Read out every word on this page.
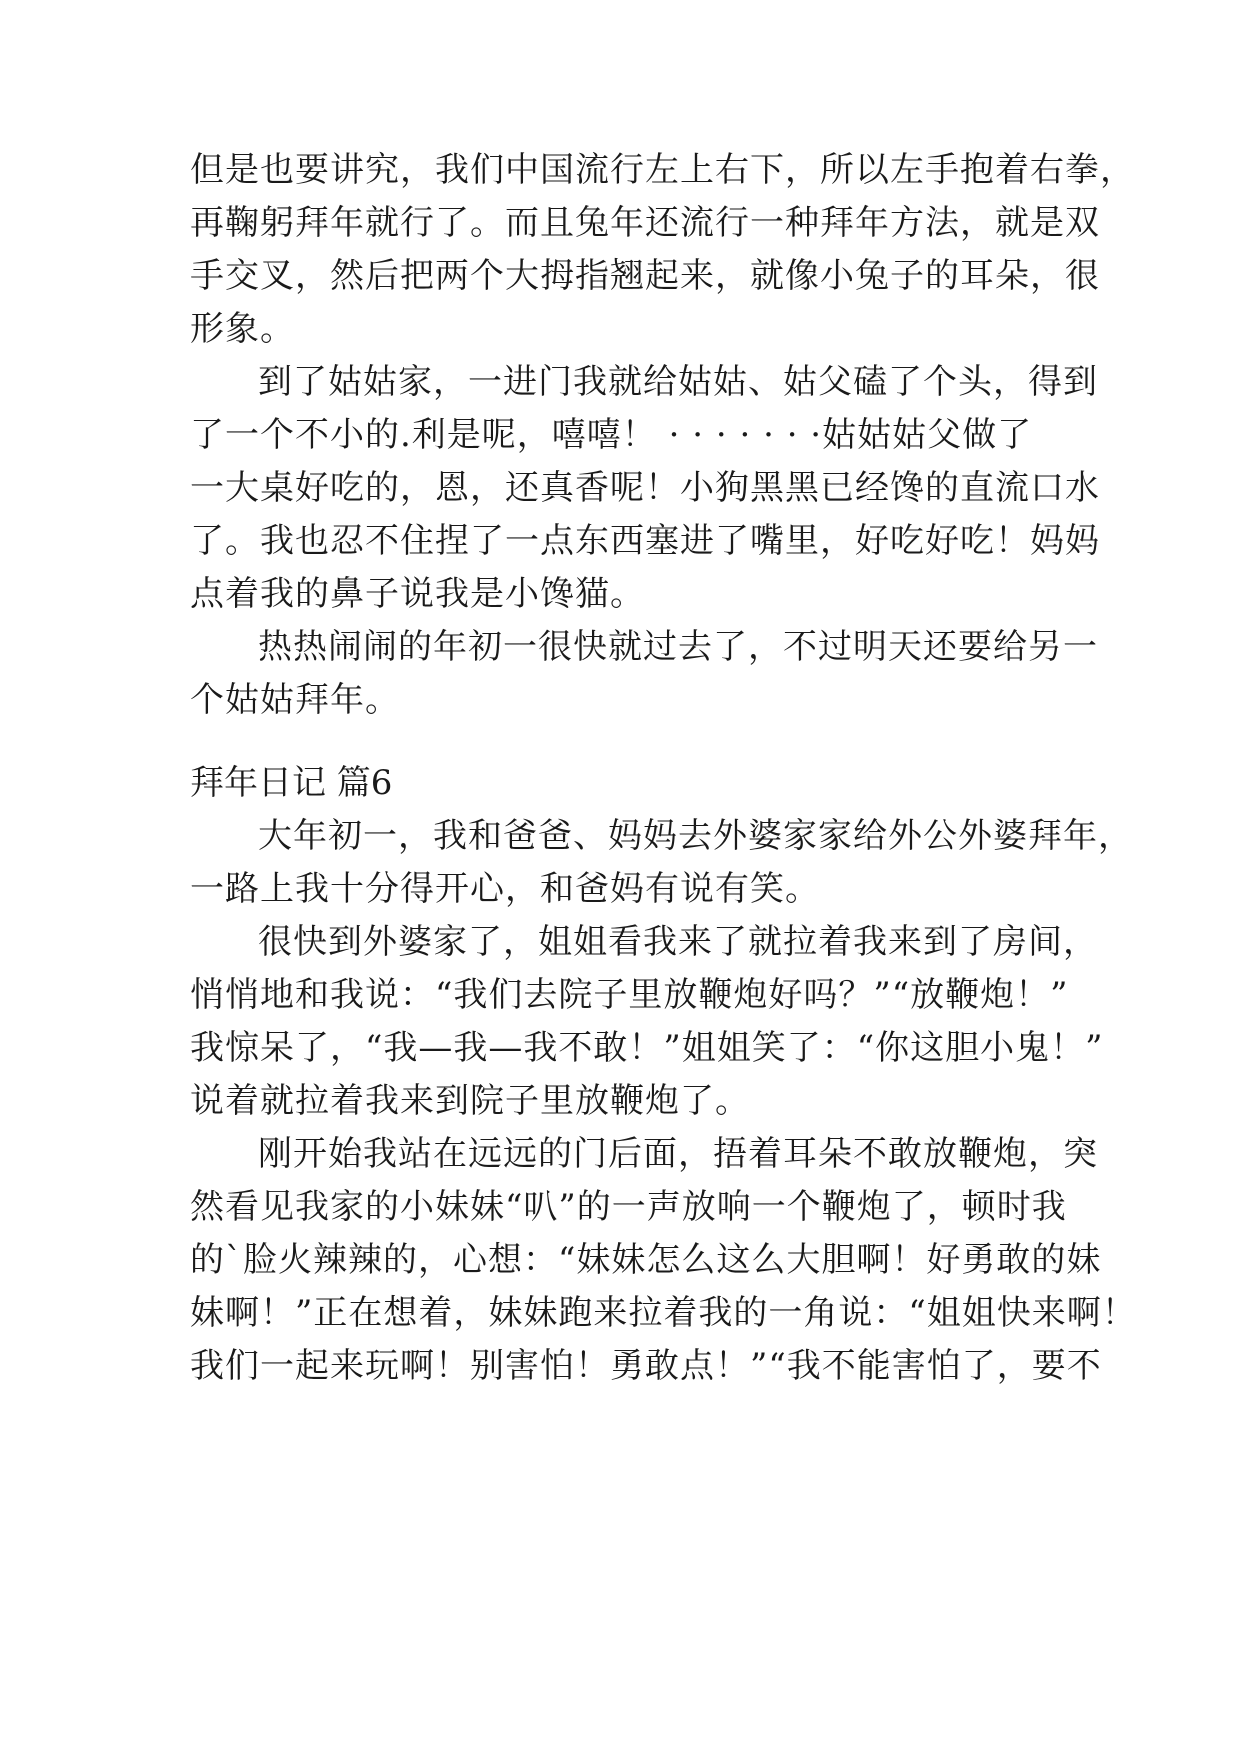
但是也要讲究，我们中国流行左上右下，所以左手抱着右拳，
再鞠躬拜年就行了。而且兔年还流行一种拜年方法，就是双
手交叉，然后把两个大拇指翘起来，就像小兔子的耳朵，很
形象。
到了姑姑家，一进门我就给姑姑、姑父磕了个头，得到
了一个不小的.利是呢，嘻嘻！ · · · · · · ·姑姑姑父做了
一大桌好吃的，恩，还真香呢！小狗黑黑已经馋的直流口水
了。我也忍不住捏了一点东西塞进了嘴里，好吃好吃！妈妈
点着我的鼻子说我是小馋猫。
热热闹闹的年初一很快就过去了，不过明天还要给另一
个姑姑拜年。
拜年日记 篇6
大年初一，我和爸爸、妈妈去外婆家家给外公外婆拜年，
一路上我十分得开心，和爸妈有说有笑。
很快到外婆家了，姐姐看我来了就拉着我来到了房间，
悄悄地和我说：“我们去院子里放鞭炮好吗？”“放鞭炮！”
我惊呆了，“我—我—我不敢！”姐姐笑了：“你这胆小鬼！”
说着就拉着我来到院子里放鞭炮了。
刚开始我站在远远的门后面，捂着耳朵不敢放鞭炮，突
然看见我家的小妹妹“叭”的一声放响一个鞭炮了，顿时我
的`脸火辣辣的，心想：“妹妹怎么这么大胆啊！好勇敢的妹
妹啊！”正在想着，妹妹跑来拉着我的一角说：“姐姐快来啊！
我们一起来玩啊！别害怕！勇敢点！”“我不能害怕了，要不
